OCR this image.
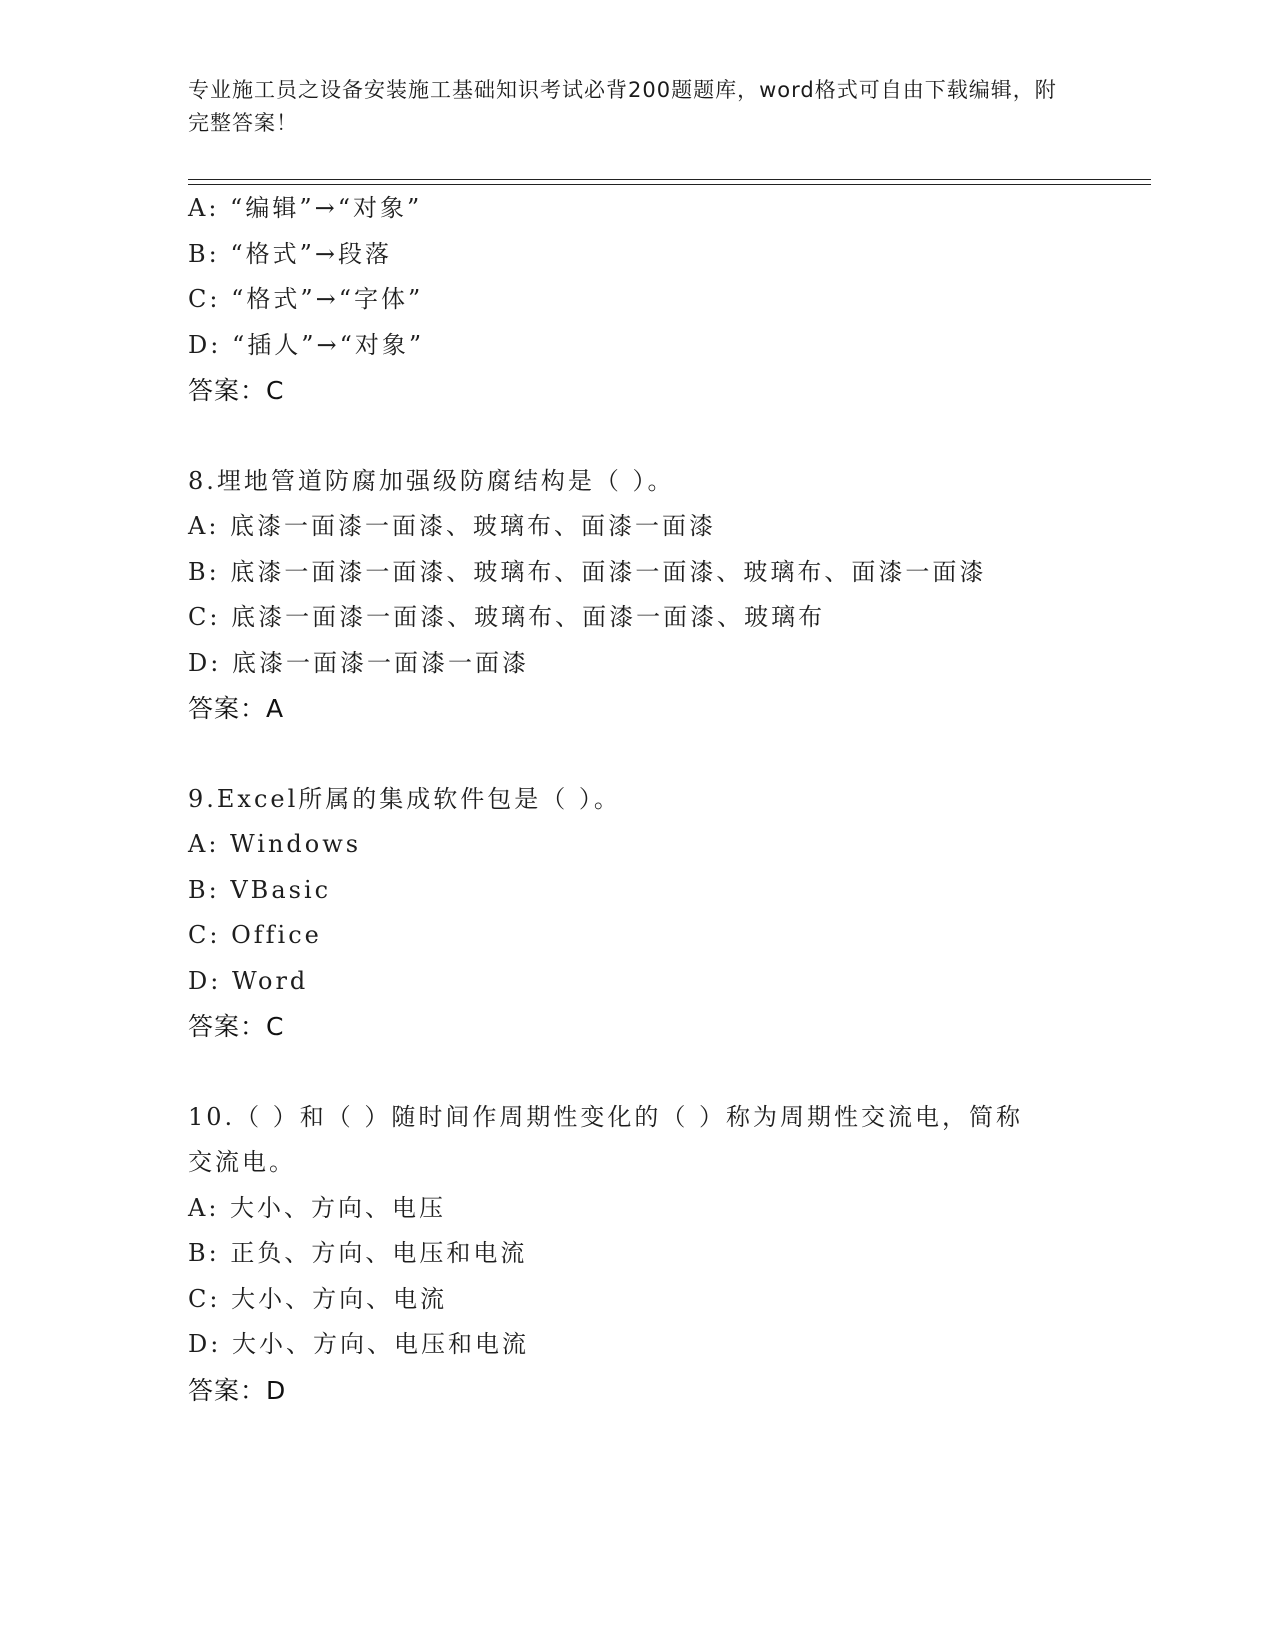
专业施工员之设备安装施工基础知识考试必背200题题库，word格式可自由下载编辑，附完整答案！
A: “编辑”→“对象”
B: “格式”→段落
C: “格式”→“字体”
D: “插人”→“对象”
答案：C
8.埋地管道防腐加强级防腐结构是（ ）。
A: 底漆一面漆一面漆、玻璃布、面漆一面漆
B: 底漆一面漆一面漆、玻璃布、面漆一面漆、玻璃布、面漆一面漆
C: 底漆一面漆一面漆、玻璃布、面漆一面漆、玻璃布
D: 底漆一面漆一面漆一面漆
答案：A
9.Excel所属的集成软件包是（ ）。
A: Windows
B: VBasic
C: Office
D: Word
答案：C
10.（ ）和（ ）随时间作周期性变化的（ ）称为周期性交流电，简称交流电。
A: 大小、方向、电压
B: 正负、方向、电压和电流
C: 大小、方向、电流
D: 大小、方向、电压和电流
答案：D
